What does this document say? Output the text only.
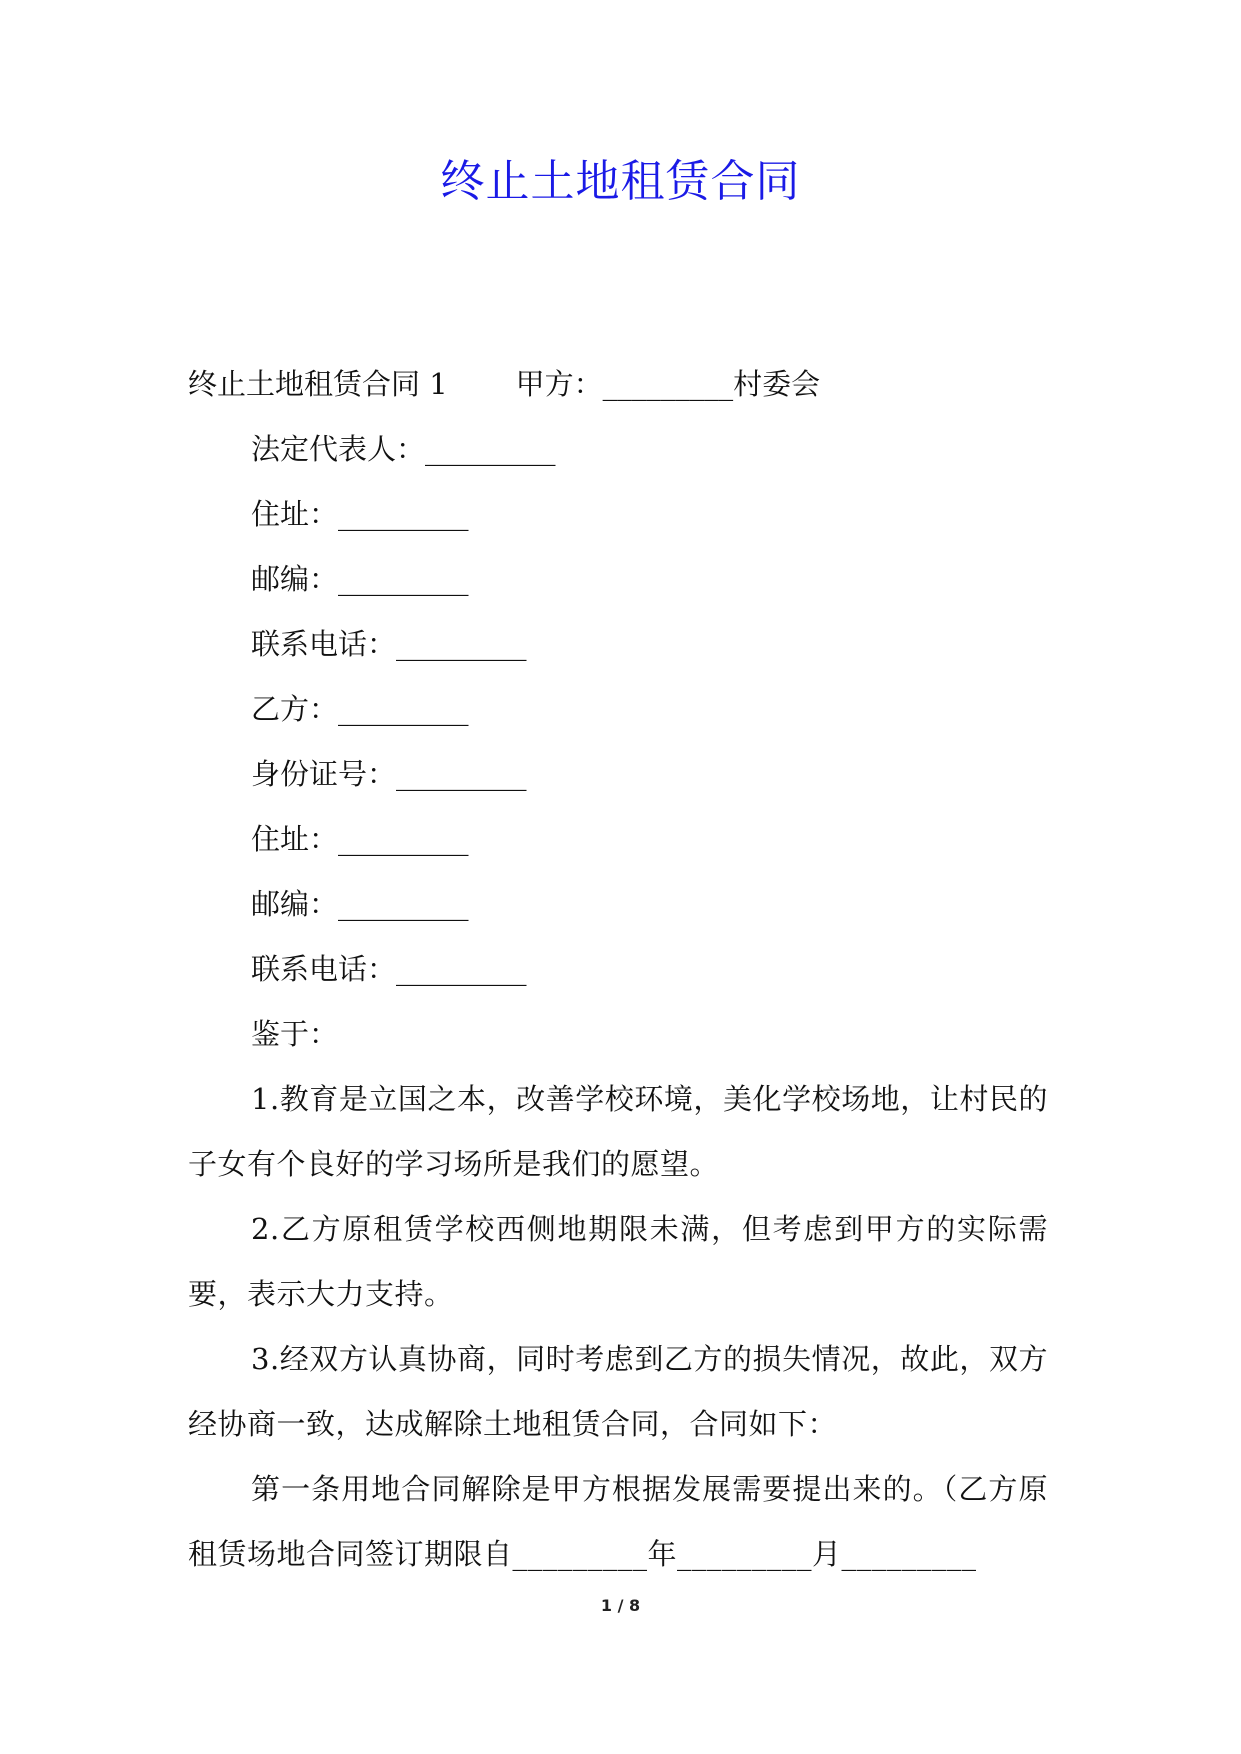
终止土地租赁合同
终止土地租赁合同 1 甲方：_________村委会
法定代表人：_________
住址：_________
邮编：_________
联系电话：_________
乙方：_________
身份证号：_________
住址：_________
邮编：_________
联系电话：_________
鉴于：
1.教育是立国之本，改善学校环境，美化学校场地，让村民的子女有个良好的学习场所是我们的愿望。
2.乙方原租赁学校西侧地期限未满，但考虑到甲方的实际需要，表示大力支持。
3.经双方认真协商，同时考虑到乙方的损失情况，故此，双方经协商一致，达成解除土地租赁合同，合同如下：
第一条用地合同解除是甲方根据发展需要提出来的。（乙方原租赁场地合同签订期限自_________年_________月_________
1 / 8
